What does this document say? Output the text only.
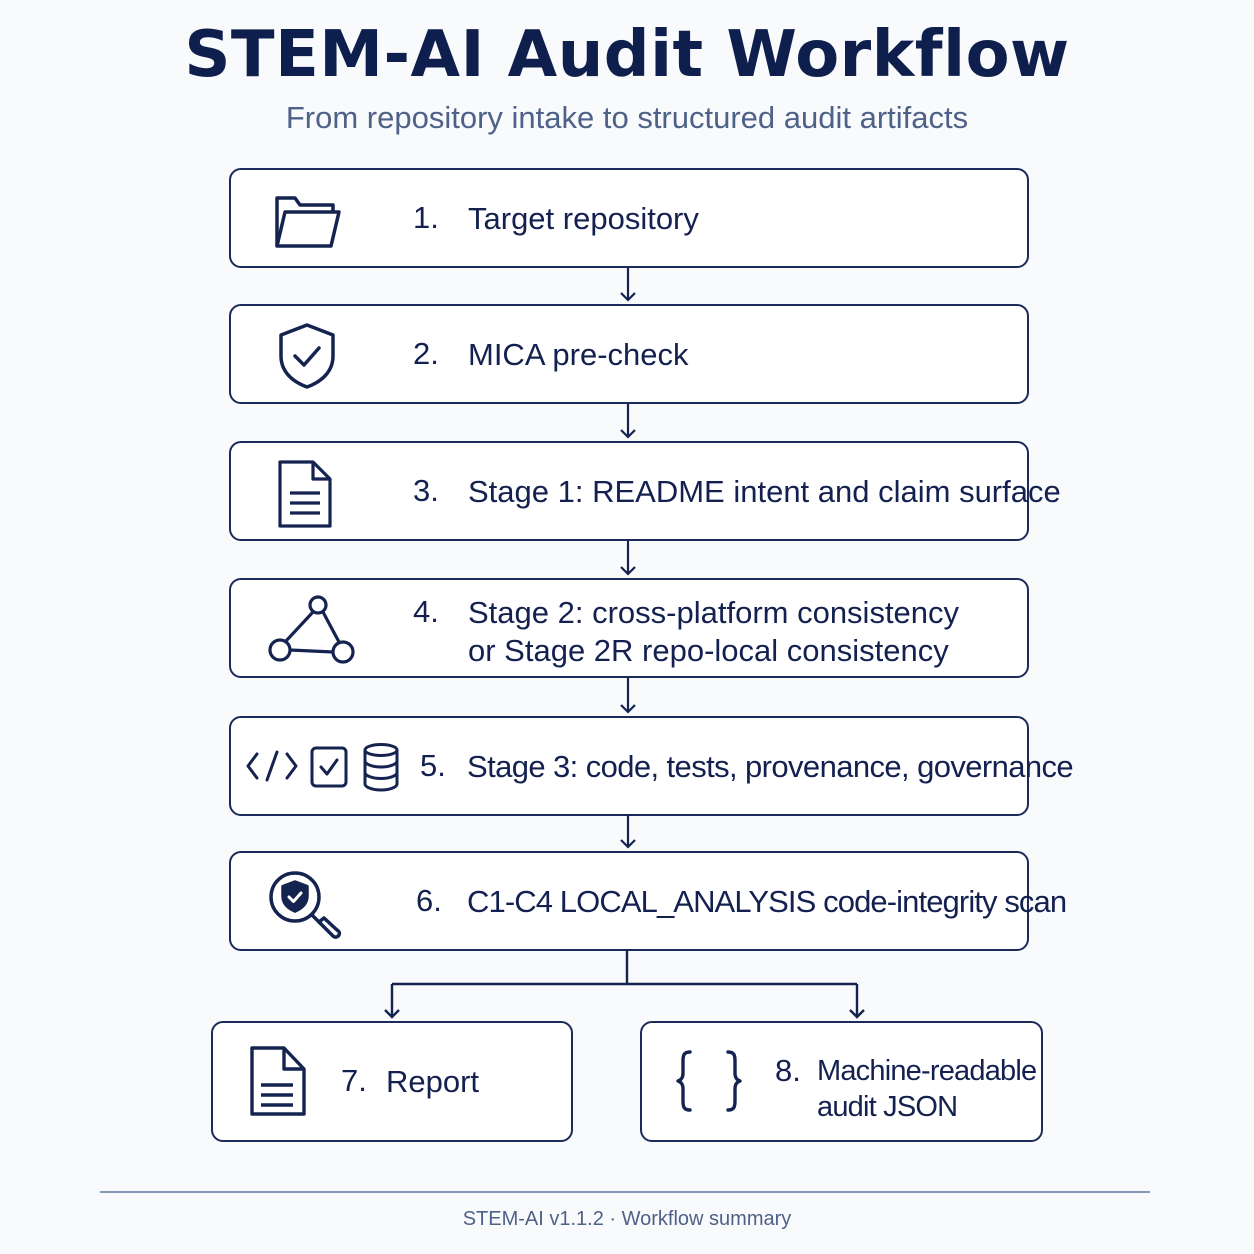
STEM-AI Audit Workflow
From repository intake to structured audit artifacts
1. Target repository
2. MICA pre-check
3. Stage 1: README intent and claim surface
4. Stage 2: cross-platform consistency
or Stage 2R repo-local consistency
5. Stage 3: code, tests, provenance, governance
6. C1-C4 LOCAL_ANALYSIS code-integrity scan
7. Report	8. Machine-readable
audit JSON
STEM-AI v1.1.2 · Workflow summary
